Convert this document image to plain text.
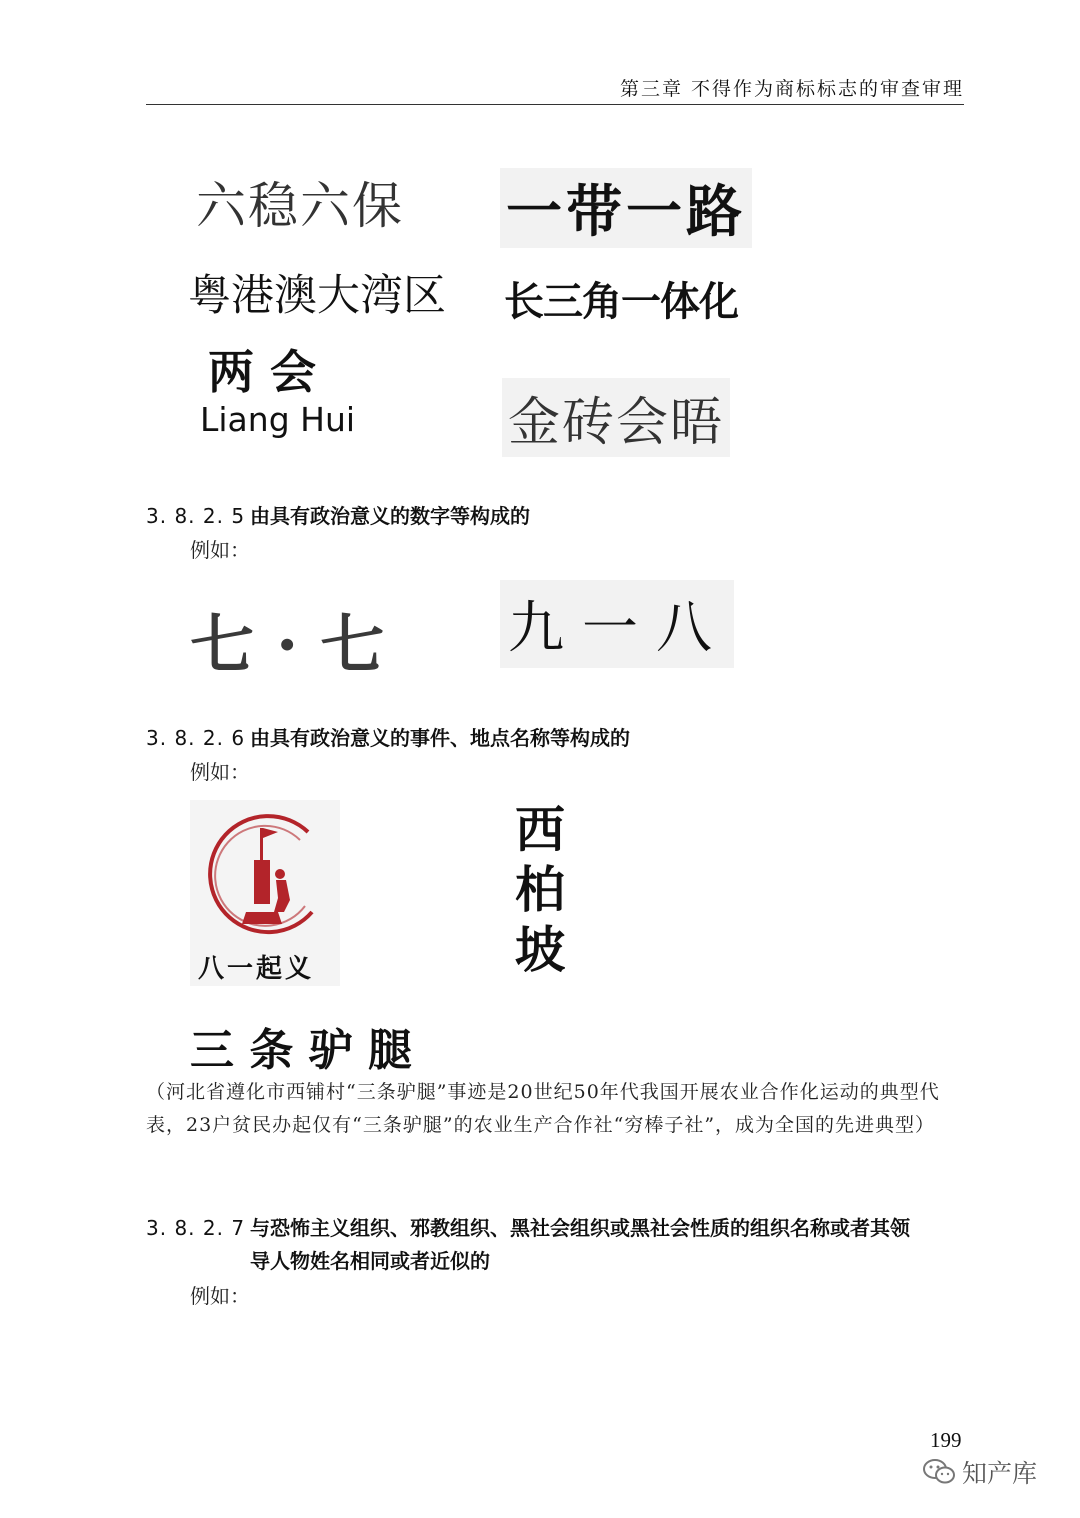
第三章 不得作为商标标志的审查审理
六稳六保 一带一路
粤港澳大湾区 长三角一体化
两 会
Liang Hui	金砖会晤
3. 8. 2. 5 由具有政治意义的数字等构成的
例如：
七·七 九一八
3. 8. 2. 6 由具有政治意义的事件、地点名称等构成的
例如：
八一起义
西
柏
坡
三 条 驴 腿
（河北省遵化市西铺村“三条驴腿”事迹是20世纪50年代我国开展农业合作化运动的典型代表，23户贫民办起仅有“三条驴腿”的农业生产合作社“穷棒子社”，成为全国的先进典型）
3. 8. 2. 7 与恐怖主义组织、邪教组织、黑社会组织或黑社会性质的组织名称或者其领
导人物姓名相同或者近似的
例如：
199
知产库
